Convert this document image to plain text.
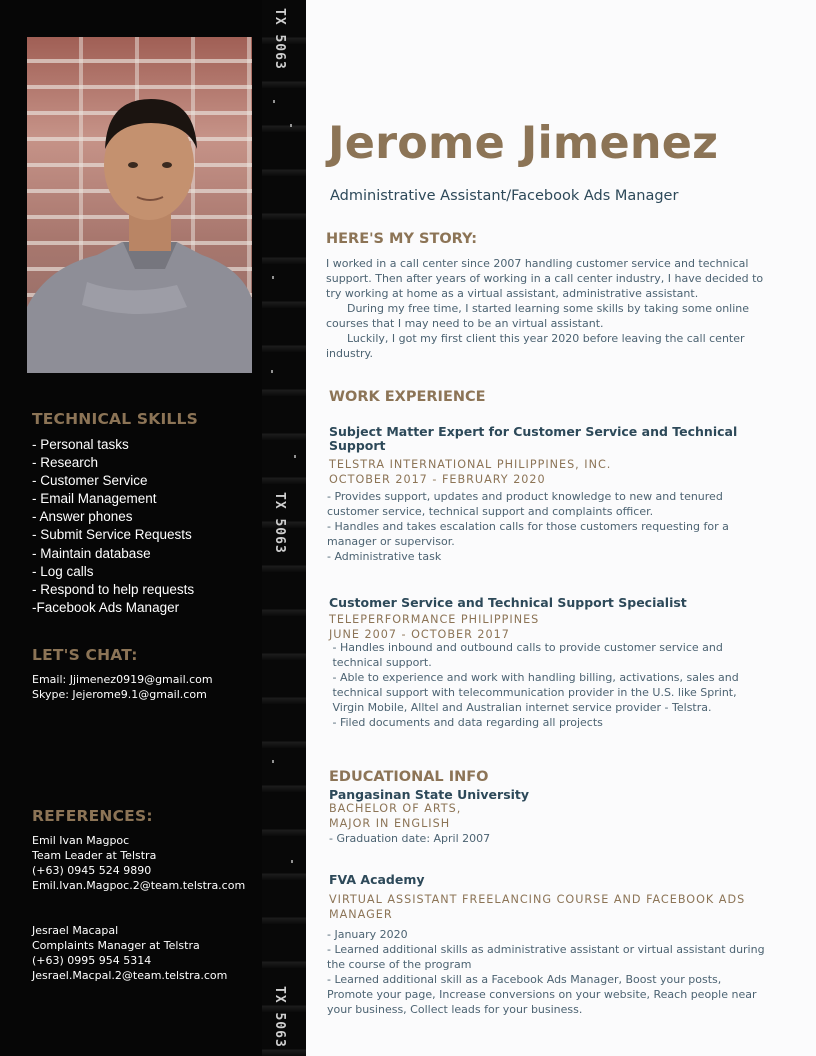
TX 5063
TX 5063
TX 5063
TECHNICAL SKILLS
- Personal tasks
- Research
- Customer Service
- Email Management
- Answer phones
- Submit Service Requests
- Maintain database
- Log calls
- Respond to help requests
-Facebook Ads Manager
LET'S CHAT:
Email: Jjimenez0919@gmail.com
Skype: Jejerome9.1@gmail.com
REFERENCES:
Emil Ivan Magpoc
Team Leader at Telstra
(+63) 0945 524 9890
Emil.Ivan.Magpoc.2@team.telstra.com
Jesrael Macapal
Complaints Manager at Telstra
(+63) 0995 954 5314
Jesrael.Macpal.2@team.telstra.com
Jerome Jimenez
Administrative Assistant/Facebook Ads Manager
HERE'S MY STORY:
I worked in a call center since 2007 handling customer service and technical
support. Then after years of working in a call center industry, I have decided to
try working at home as a virtual assistant, administrative assistant.
During my free time, I started learning some skills by taking some online
courses that I may need to be an virtual assistant.
Luckily, I got my first client this year 2020 before leaving the call center
industry.
WORK EXPERIENCE
Subject Matter Expert for Customer Service and Technical Support
TELSTRA INTERNATIONAL PHILIPPINES, INC.
OCTOBER 2017 - FEBRUARY 2020
- Provides support, updates and product knowledge to new and tenured
customer service, technical support and complaints officer.
- Handles and takes escalation calls for those customers requesting for a
manager or supervisor.
- Administrative task
Customer Service and Technical Support Specialist
TELEPERFORMANCE PHILIPPINES
JUNE 2007 - OCTOBER 2017
- Handles inbound and outbound calls to provide customer service and
technical support.
- Able to experience and work with handling billing, activations, sales and
technical support with telecommunication provider in the U.S. like Sprint,
Virgin Mobile, Alltel and Australian internet service provider - Telstra.
- Filed documents and data regarding all projects
EDUCATIONAL INFO
Pangasinan State University
BACHELOR OF ARTS,
MAJOR IN ENGLISH
- Graduation date: April 2007
FVA Academy
VIRTUAL ASSISTANT FREELANCING COURSE AND FACEBOOK ADS
MANAGER
- January 2020
- Learned additional skills as administrative assistant or virtual assistant during
the course of the program
- Learned additional skill as a Facebook Ads Manager, Boost your posts,
Promote your page, Increase conversions on your website, Reach people near
your business, Collect leads for your business.
